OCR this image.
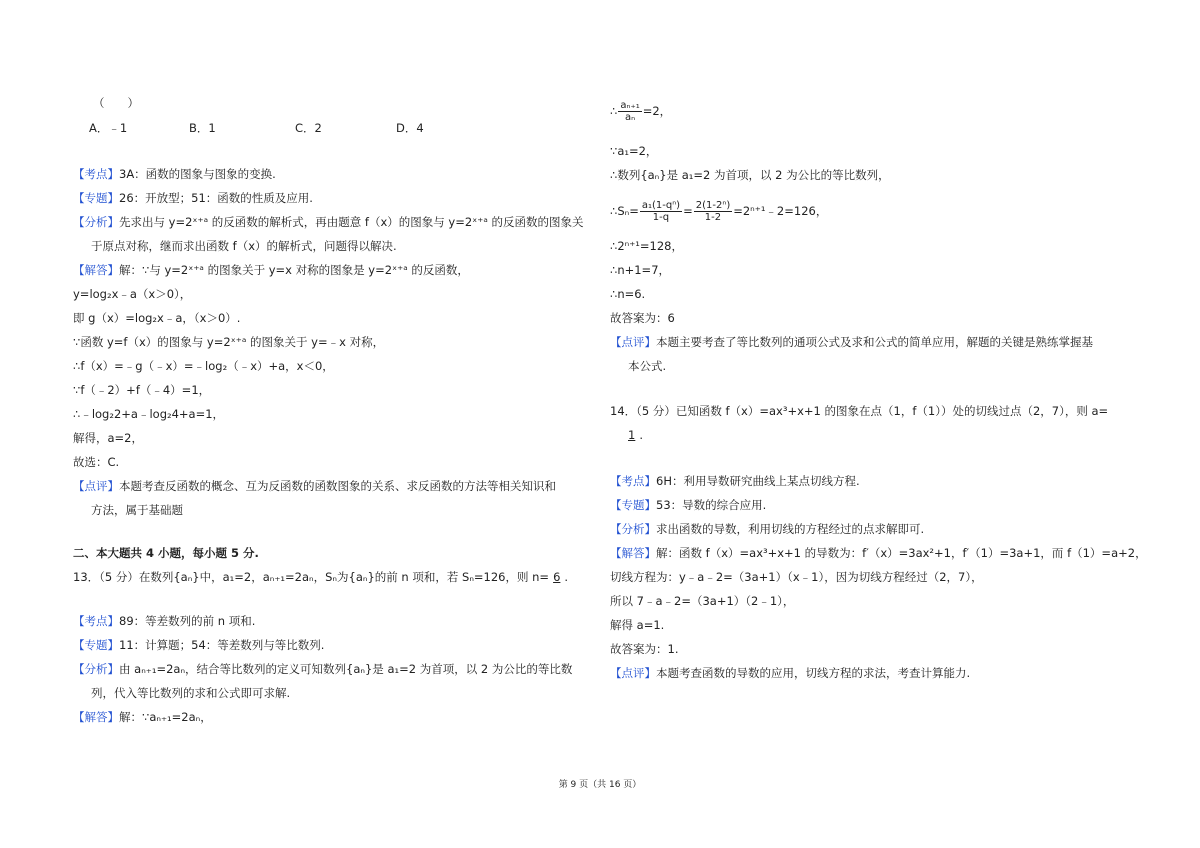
（　　）
A．﹣1	B．1	C．2	D．4
【考点】3A：函数的图象与图象的变换.
【专题】26：开放型；51：函数的性质及应用.
【分析】先求出与 y=2ˣ⁺ᵃ 的反函数的解析式，再由题意 f（x）的图象与 y=2ˣ⁺ᵃ 的反函数的图象关
于原点对称，继而求出函数 f（x）的解析式，问题得以解决.
【解答】解：∵与 y=2ˣ⁺ᵃ 的图象关于 y=x 对称的图象是 y=2ˣ⁺ᵃ 的反函数，
y=log₂x﹣a（x＞0），
即 g（x）=log₂x﹣a，（x＞0）.
∵函数 y=f（x）的图象与 y=2ˣ⁺ᵃ 的图象关于 y=﹣x 对称，
∴f（x）=﹣g（﹣x）=﹣log₂（﹣x）+a，x＜0，
∵f（﹣2）+f（﹣4）=1，
∴﹣log₂2+a﹣log₂4+a=1，
解得，a=2，
故选：C.
【点评】本题考查反函数的概念、互为反函数的函数图象的关系、求反函数的方法等相关知识和
方法，属于基础题
二、本大题共 4 小题，每小题 5 分.
13．（5 分）在数列{aₙ}中，a₁=2，aₙ₊₁=2aₙ，Sₙ为{aₙ}的前 n 项和，若 Sₙ=126，则 n= 6 .
【考点】89：等差数列的前 n 项和.
【专题】11：计算题；54：等差数列与等比数列.
【分析】由 aₙ₊₁=2aₙ，结合等比数列的定义可知数列{aₙ}是 a₁=2 为首项，以 2 为公比的等比数
列，代入等比数列的求和公式即可求解.
【解答】解：∵aₙ₊₁=2aₙ，
∴ $\frac{\text{aₙ₊₁}}{\text{aₙ}} =2$，
∵a₁=2，
∴数列{aₙ}是 a₁=2 为首项，以 2 为公比的等比数列，
∴Sₙ= $\frac{\text{a₁(1-qⁿ)}}{1-q} = \frac{\text{2(1-2ⁿ)}}{1-2}$ =2ⁿ⁺¹﹣2=126，
∴2ⁿ⁺¹=128，
∴n+1=7，
∴n=6.
故答案为：6
【点评】本题主要考查了等比数列的通项公式及求和公式的简单应用，解题的关键是熟练掌握基
本公式.
14．（5 分）已知函数 f（x）=ax³+x+1 的图象在点（1，f（1））处的切线过点（2，7），则 a=
1 .
【考点】6H：利用导数研究曲线上某点切线方程.
【专题】53：导数的综合应用.
【分析】求出函数的导数，利用切线的方程经过的点求解即可.
【解答】解：函数 f（x）=ax³+x+1 的导数为：f′（x）=3ax²+1，f′（1）=3a+1，而 f（1）=a+2，
切线方程为：y﹣a﹣2=（3a+1）（x﹣1），因为切线方程经过（2，7），
所以 7﹣a﹣2=（3a+1）（2﹣1），
解得 a=1.
故答案为：1.
【点评】本题考查函数的导数的应用，切线方程的求法，考查计算能力.
第 9 页（共 16 页）
